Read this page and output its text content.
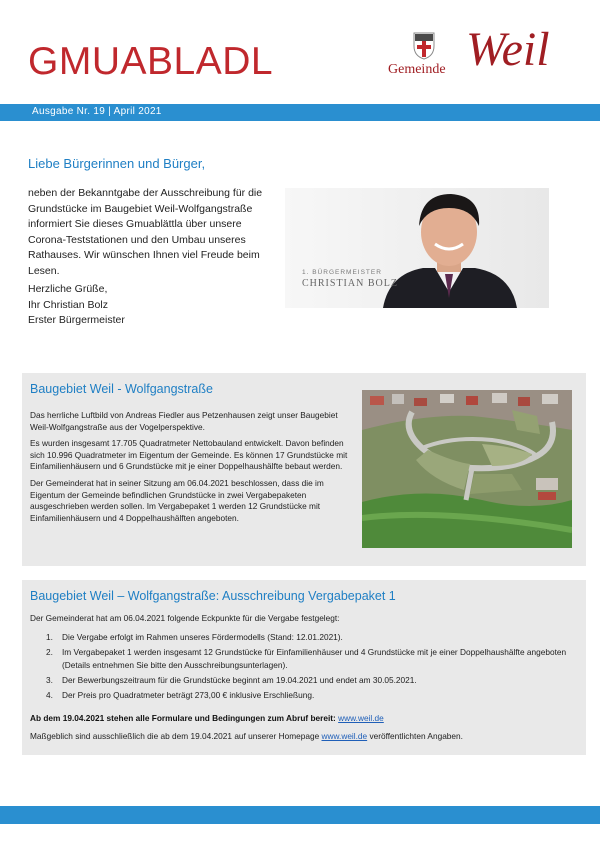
GMUABLADL	Gemeinde Weil
Ausgabe Nr. 19 | April 2021
Liebe Bürgerinnen und Bürger,

neben der Bekanntgabe der Ausschreibung für die Grundstücke im Baugebiet Weil-Wolfgangstraße informiert Sie dieses Gmuablättla über unsere Corona-Teststationen und den Umbau unseres Rathauses. Wir wünschen Ihnen viel Freude beim Lesen.

Herzliche Grüße,
Ihr Christian Bolz
Erster Bürgermeister
1. BÜRGERMEISTER
CHRISTIAN BOLZ
Baugebiet Weil - Wolfgangstraße

Das herrliche Luftbild von Andreas Fiedler aus Petzenhausen zeigt unser Baugebiet Weil-Wolfgangstraße aus der Vogelperspektive.

Es wurden insgesamt 17.705 Quadratmeter Nettobauland entwickelt. Davon befinden sich 10.996 Quadratmeter im Eigentum der Gemeinde. Es können 17 Grundstücke mit Einfamilienhäusern und 6 Grundstücke mit je einer Doppelhaushälfte bebaut werden.

Der Gemeinderat hat in seiner Sitzung am 06.04.2021 beschlossen, dass die im Eigentum der Gemeinde befindlichen Grundstücke in zwei Vergabepaketen ausgeschrieben werden sollen. Im Vergabepaket 1 werden 12 Grundstücke mit Einfamilienhäusern und 4 Doppelhaushälften angeboten.

Baugebiet Weil – Wolfgangstraße: Ausschreibung Vergabepaket 1
Der Gemeinderat hat am 06.04.2021 folgende Eckpunkte für die Vergabe festgelegt:
1. Die Vergabe erfolgt im Rahmen unseres Fördermodells (Stand: 12.01.2021).
2. Im Vergabepaket 1 werden insgesamt 12 Grundstücke für Einfamilienhäuser und 4 Grundstücke mit je einer Doppelhaushälfte angeboten (Details entnehmen Sie bitte den Ausschreibungsunterlagen).
3. Der Bewerbungszeitraum für die Grundstücke beginnt am 19.04.2021 und endet am 30.05.2021.
4. Der Preis pro Quadratmeter beträgt 273,00 € inklusive Erschließung.
Ab dem 19.04.2021 stehen alle Formulare und Bedingungen zum Abruf bereit: www.weil.de
Maßgeblich sind ausschließlich die ab dem 19.04.2021 auf unserer Homepage www.weil.de veröffentlichten Angaben.
